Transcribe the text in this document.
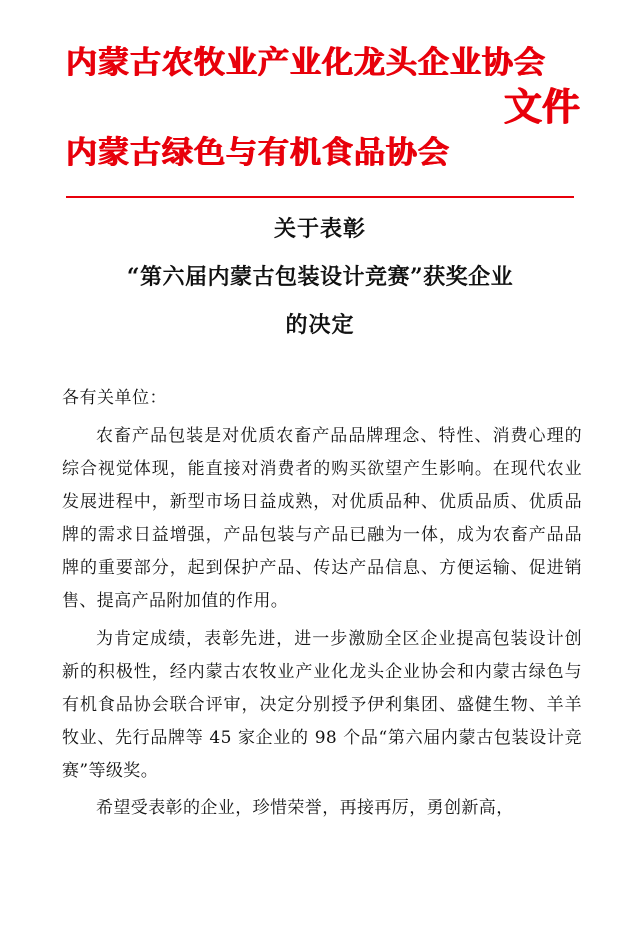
内蒙古农牧业产业化龙头企业协会
内蒙古绿色与有机食品协会
文件
关于表彰
“第六届内蒙古包装设计竞赛”获奖企业
的决定

各有关单位：

农畜产品包装是对优质农畜产品品牌理念、特性、消费心理的综合视觉体现，能直接对消费者的购买欲望产生影响。在现代农业发展进程中，新型市场日益成熟，对优质品种、优质品质、优质品牌的需求日益增强，产品包装与产品已融为一体，成为农畜产品品牌的重要部分，起到保护产品、传达产品信息、方便运输、促进销售、提高产品附加值的作用。

为肯定成绩，表彰先进，进一步激励全区企业提高包装设计创新的积极性，经内蒙古农牧业产业化龙头企业协会和内蒙古绿色与有机食品协会联合评审，决定分别授予伊利集团、盛健生物、羊羊牧业、先行品牌等 45 家企业的 98 个品“第六届内蒙古包装设计竞赛”等级奖。

希望受表彰的企业，珍惜荣誉，再接再厉，勇创新高，
